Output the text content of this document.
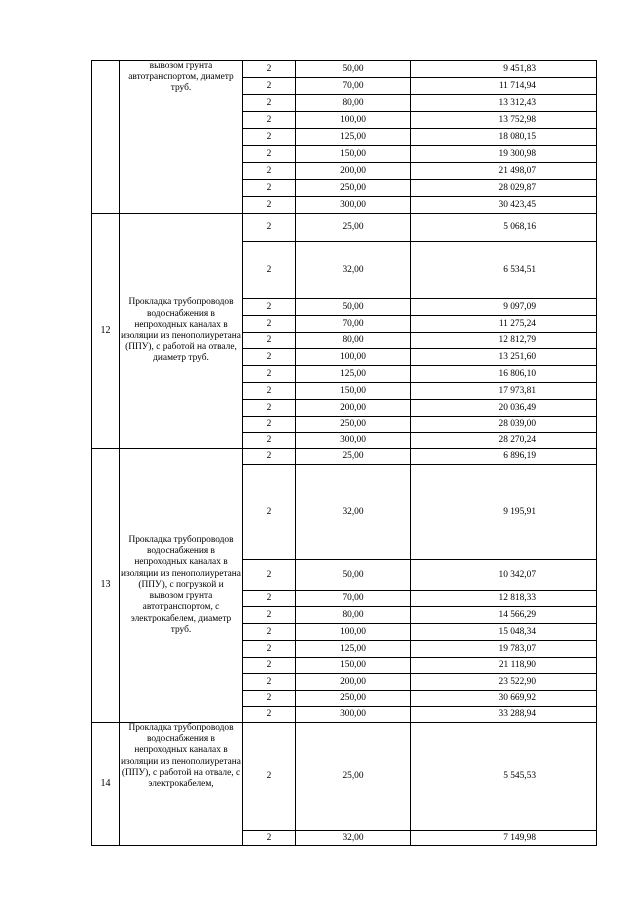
	вывозом грунта автотранспортом, диаметр труб.	2	50,00	9 451,83
		2	70,00	11 714,94
		2	80,00	13 312,43
		2	100,00	13 752,98
		2	125,00	18 080,15
		2	150,00	19 300,98
		2	200,00	21 498,07
		2	250,00	28 029,87
		2	300,00	30 423,45
12	Прокладка трубопроводов водоснабжения в непроходных каналах в изоляции из пенополиуретана (ППУ), с работой на отвале, диаметр труб.	2	25,00	5 068,16
		2	32,00	6 534,51
		2	50,00	9 097,09
		2	70,00	11 275,24
		2	80,00	12 812,79
		2	100,00	13 251,60
		2	125,00	16 806,10
		2	150,00	17 973,81
		2	200,00	20 036,49
		2	250,00	28 039,00
		2	300,00	28 270,24
13	Прокладка трубопроводов водоснабжения в непроходных каналах в изоляции из пенополиуретана (ППУ), с погрузкой и вывозом грунта автотранспортом, с электрокабелем, диаметр труб.	2	25,00	6 896,19
		2	32,00	9 195,91
		2	50,00	10 342,07
		2	70,00	12 818,33
		2	80,00	14 566,29
		2	100,00	15 048,34
		2	125,00	19 783,07
		2	150,00	21 118,90
		2	200,00	23 522,90
		2	250,00	30 669,92
		2	300,00	33 288,94
14	Прокладка трубопроводов водоснабжения в непроходных каналах в изоляции из пенополиуретана (ППУ), с работой на отвале, с электрокабелем,	2	25,00	5 545,53
		2	32,00	7 149,98
